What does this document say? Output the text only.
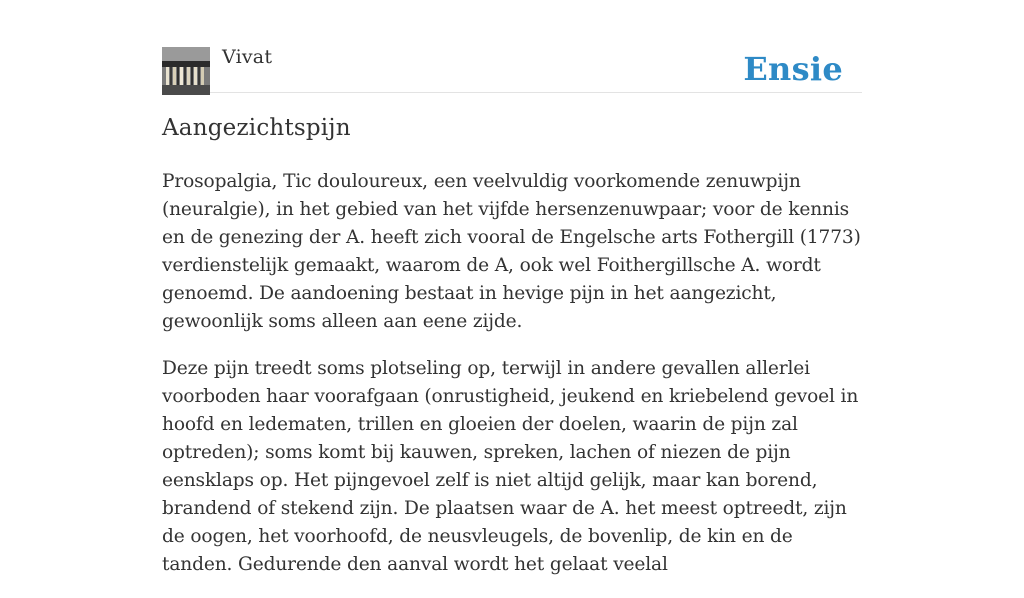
Vivat	Ensie
Aangezichtspijn

Prosopalgia, Tic douloureux, een veelvuldig voorkomende zenuwpijn (neuralgie), in het gebied van het vijfde hersenzenuwpaar; voor de kennis en de genezing der A. heeft zich vooral de Engelsche arts Fothergill (1773) verdienstelijk gemaakt, waarom de A, ook wel Foithergillsche A. wordt genoemd. De aandoening bestaat in hevige pijn in het aangezicht, gewoonlijk soms alleen aan eene zijde.

Deze pijn treedt soms plotseling op, terwijl in andere gevallen allerlei voorboden haar voorafgaan (onrustigheid, jeukend en kriebelend gevoel in hoofd en ledematen, trillen en gloeien der doelen, waarin de pijn zal optreden); soms komt bij kauwen, spreken, lachen of niezen de pijn eensklaps op. Het pijngevoel zelf is niet altijd gelijk, maar kan borend, brandend of stekend zijn. De plaatsen waar de A. het meest optreedt, zijn de oogen, het voorhoofd, de neusvleugels, de bovenlip, de kin en de tanden. Gedurende den aanval wordt het gelaat veelal
